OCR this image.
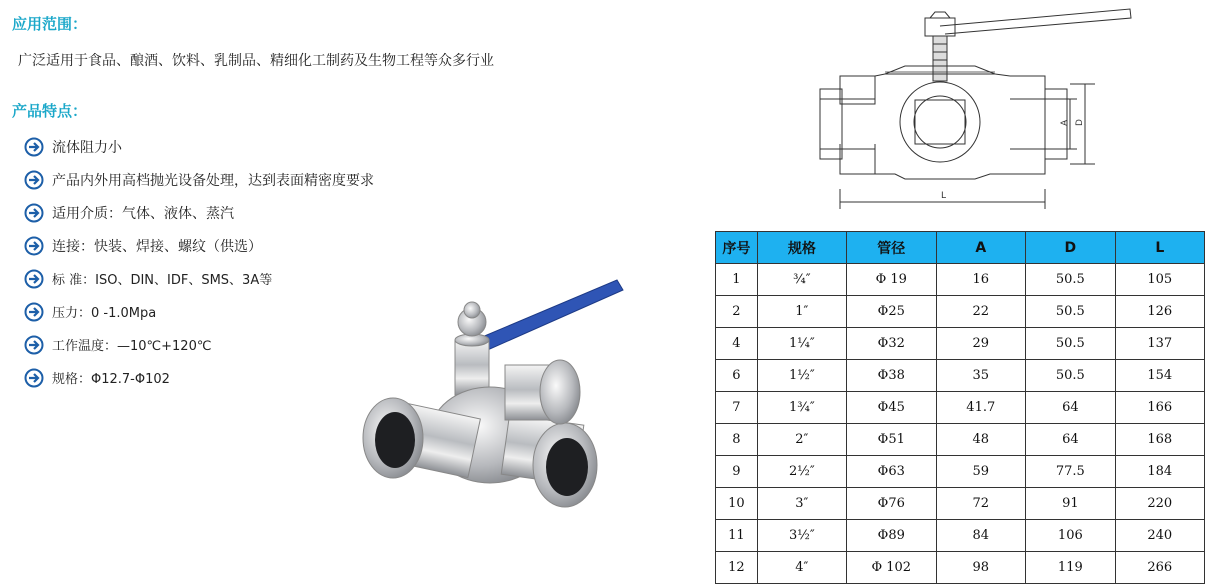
应用范围：
广泛适用于食品、酿酒、饮料、乳制品、精细化工制药及生物工程等众多行业
产品特点：
流体阻力小
产品内外用高档抛光设备处理，达到表面精密度要求
适用介质：气体、液体、蒸汽
连接：快装、焊接、螺纹（供选）
标 准：ISO、DIN、IDF、SMS、3A等
压力：0 -1.0Mpa
工作温度：—10℃+120℃
规格：Φ12.7-Φ102
A D
L
序号	规格	管径	A	D	L
1	¾″	Φ 19	16	50.5	105
2	1″	Φ25	22	50.5	126
4	1¼″	Φ32	29	50.5	137
6	1½″	Φ38	35	50.5	154
7	1¾″	Φ45	41.7	64	166
8	2″	Φ51	48	64	168
9	2½″	Φ63	59	77.5	184
10	3″	Φ76	72	91	220
11	3½″	Φ89	84	106	240
12	4″	Φ 102	98	119	266
